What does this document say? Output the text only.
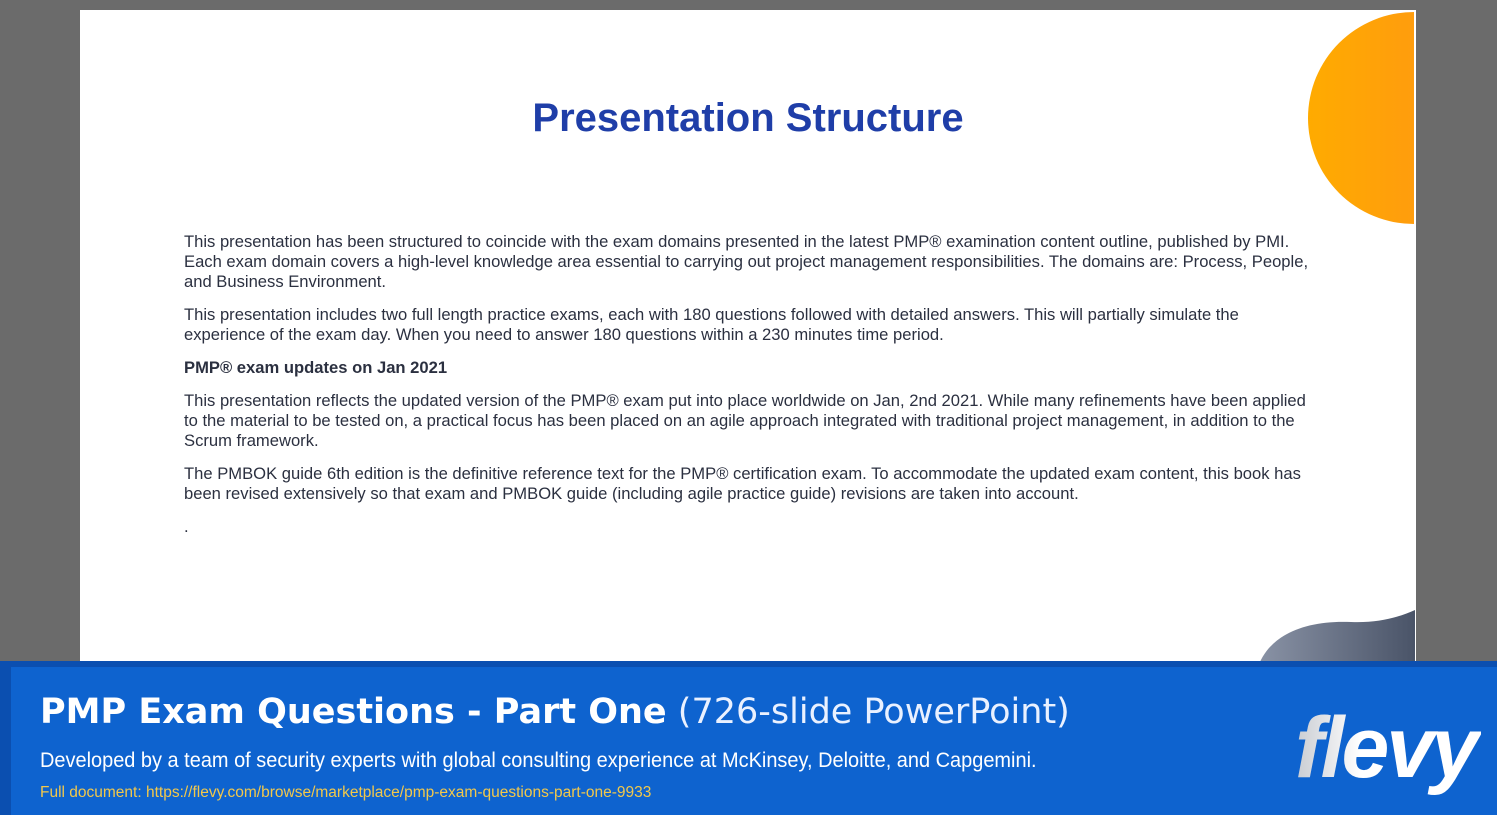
Presentation Structure

This presentation has been structured to coincide with the exam domains presented in the latest PMP® examination content outline, published by PMI. Each exam domain covers a high-level knowledge area essential to carrying out project management responsibilities. The domains are: Process, People, and Business Environment.

This presentation includes two full length practice exams, each with 180 questions followed with detailed answers. This will partially simulate the experience of the exam day. When you need to answer 180 questions within a 230 minutes time period.

PMP® exam updates on Jan 2021

This presentation reflects the updated version of the PMP® exam put into place worldwide on Jan, 2nd 2021. While many refinements have been applied to the material to be tested on, a practical focus has been placed on an agile approach integrated with traditional project management, in addition to the Scrum framework.

The PMBOK guide 6th edition is the definitive reference text for the PMP® certification exam. To accommodate the updated exam content, this book has been revised extensively so that exam and PMBOK guide (including agile practice guide) revisions are taken into account.

.

PMP Exam Questions - Part One (726-slide PowerPoint)
Developed by a team of security experts with global consulting experience at McKinsey, Deloitte, and Capgemini.
Full document: https://flevy.com/browse/marketplace/pmp-exam-questions-part-one-9933	flevy
